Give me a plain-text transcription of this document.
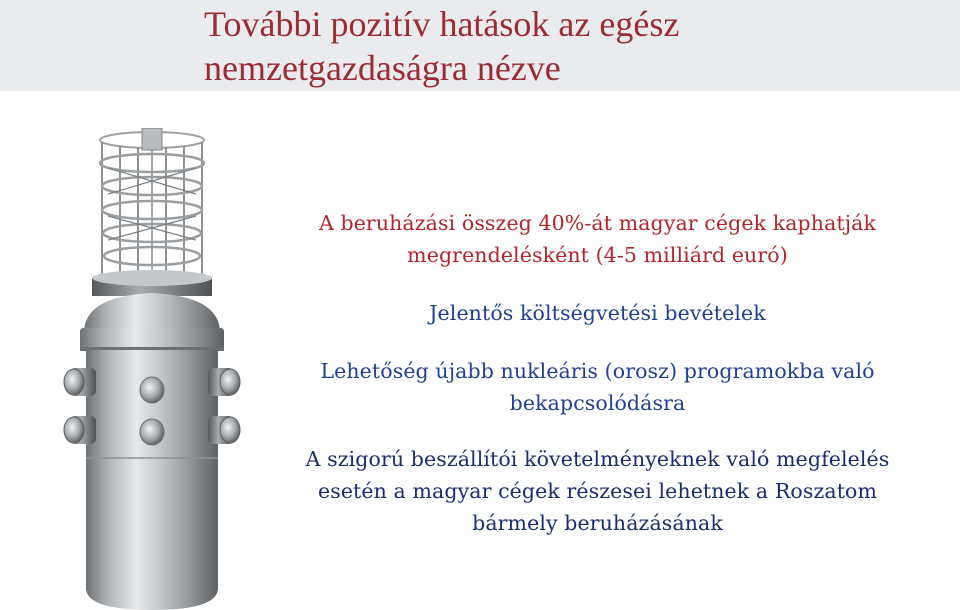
További pozitív hatások az egész
nemzetgazdaságra nézve

A beruházási összeg 40%-át magyar cégek kaphatják
megrendelésként (4-5 milliárd euró)

Jelentős költségvetési bevételek

Lehetőség újabb nukleáris (orosz) programokba való
bekapcsolódásra

A szigorú beszállítói követelményeknek való megfelelés
esetén a magyar cégek részesei lehetnek a Roszatom
bármely beruházásának
